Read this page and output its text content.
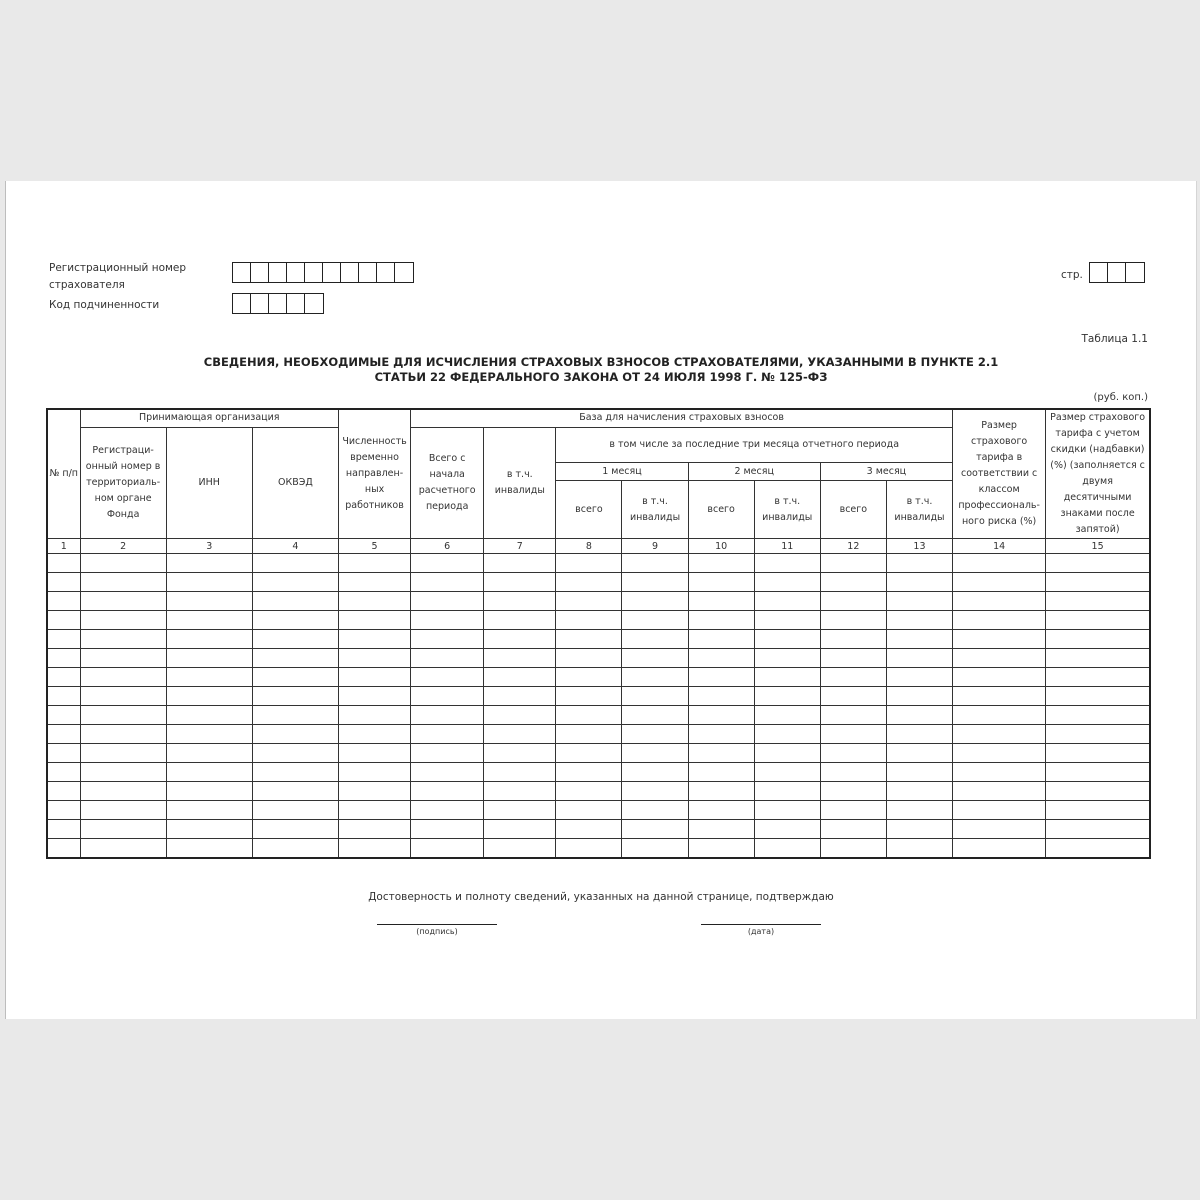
Регистрационный номер
страхователя
Код подчиненности
стр.
Таблица 1.1
СВЕДЕНИЯ, НЕОБХОДИМЫЕ ДЛЯ ИСЧИСЛЕНИЯ СТРАХОВЫХ ВЗНОСОВ СТРАХОВАТЕЛЯМИ, УКАЗАННЫМИ В ПУНКТЕ 2.1
СТАТЬИ 22 ФЕДЕРАЛЬНОГО ЗАКОНА ОТ 24 ИЮЛЯ 1998 Г. № 125-ФЗ
(руб. коп.)
№ п/п	Принимающая организация			Численность временно направлен-ных работников	База для начисления страховых взносов								Размер страхового тарифа в соответствии с классом профессиональ-ного риска (%)	Размер страхового тарифа с учетом скидки (надбавки) (%) (заполняется с двумя десятичными знаками после запятой)
	Регистраци-онный номер в территориаль-ном органе Фонда	ИНН	ОКВЭД		Всего с начала расчетного периода	в т.ч. инвалиды	в том числе за последние три месяца отчетного периода							
							1 месяц		2 месяц		3 месяц			
							всего	в т.ч. инвалиды	всего	в т.ч. инвалиды	всего	в т.ч. инвалиды		
1	2	3	4	5	6	7	8	9	10	11	12	13	14	15

Достоверность и полноту сведений, указанных на данной странице, подтверждаю
(подпись)	(дата)
